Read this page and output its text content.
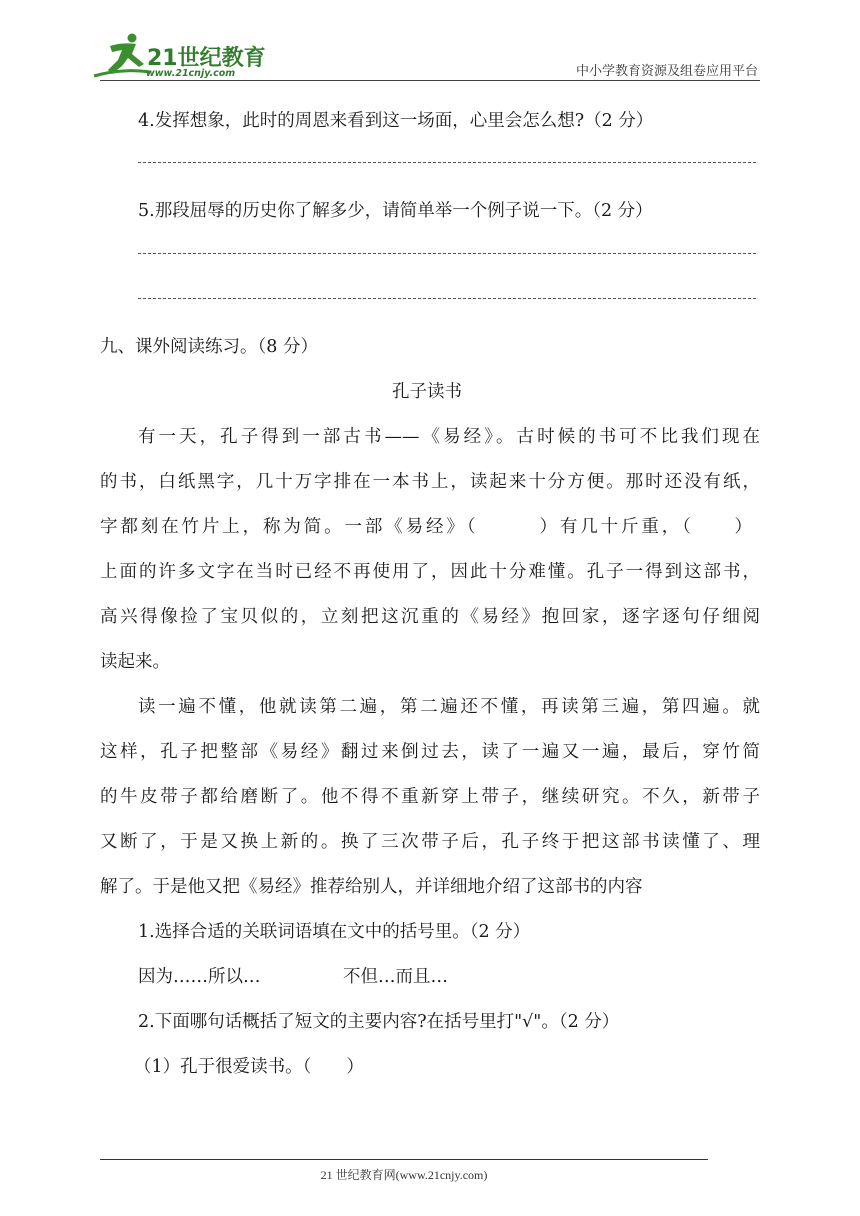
21世纪教育
www.21cnjy.com	中小学教育资源及组卷应用平台
4.发挥想象，此时的周恩来看到这一场面，心里会怎么想?（2 分）
5.那段屈辱的历史你了解多少，请简单举一个例子说一下。（2 分）
九、课外阅读练习。（8 分）
孔子读书
有一天，孔子得到一部古书——《易经》。古时候的书可不比我们现在
的书，白纸黑字，几十万字排在一本书上，读起来十分方便。那时还没有纸，
字都刻在竹片上，称为简。一部《易经》（　　　）有几十斤重，（　　）
上面的许多文字在当时已经不再使用了，因此十分难懂。孔子一得到这部书，
高兴得像捡了宝贝似的，立刻把这沉重的《易经》抱回家，逐字逐句仔细阅
读起来。
读一遍不懂，他就读第二遍，第二遍还不懂，再读第三遍，第四遍。就
这样，孔子把整部《易经》翻过来倒过去，读了一遍又一遍，最后，穿竹简
的牛皮带子都给磨断了。他不得不重新穿上带子，继续研究。不久，新带子
又断了，于是又换上新的。换了三次带子后，孔子终于把这部书读懂了、理
解了。于是他又把《易经》推荐给别人，并详细地介绍了这部书的内容
1.选择合适的关联词语填在文中的括号里。（2 分）
因为……所以…	不但…而且…
2.下面哪句话概括了短文的主要内容?在括号里打"√"。（2 分）
（1）孔于很爱读书。（　　）
21 世纪教育网(www.21cnjy.com)
